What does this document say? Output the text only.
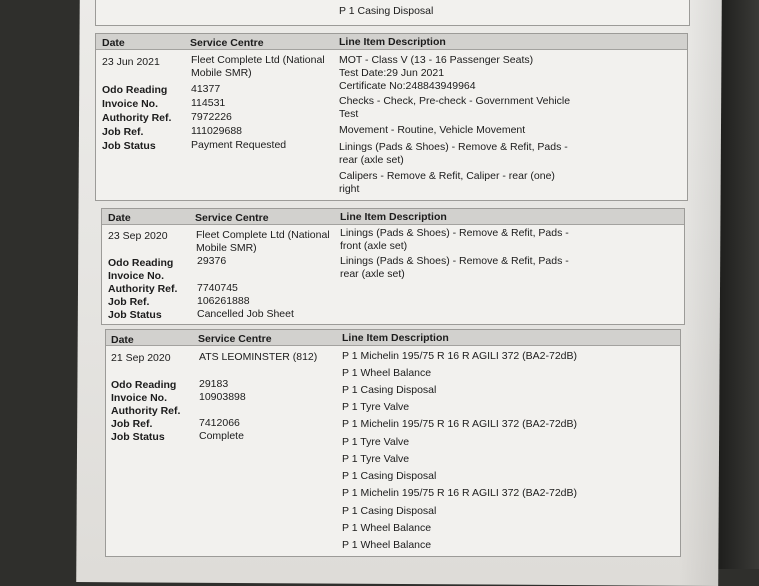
P 1 Casing Disposal
Date	Service Centre	Line Item Description
23 Jun 2021	Fleet Complete Ltd (National Mobile SMR)
Odo Reading 41377
Invoice No.	114531
Authority Ref. 7972226
Job Ref.	111029688
Job Status	Payment Requested
MOT - Class V (13 - 16 Passenger Seats)
Test Date:29 Jun 2021
Certificate No:248843949964
Checks - Check, Pre-check - Government Vehicle Test
Movement - Routine, Vehicle Movement
Linings (Pads & Shoes) - Remove & Refit, Pads - rear (axle set)
Calipers - Remove & Refit, Caliper - rear (one) right
Date	Service Centre	Line Item Description
23 Sep 2020	Fleet Complete Ltd (National Mobile SMR)
Odo Reading 29376
Invoice No.
Authority Ref. 7740745
Job Ref.	106261888
Job Status	Cancelled Job Sheet
Linings (Pads & Shoes) - Remove & Refit, Pads - front (axle set)
Linings (Pads & Shoes) - Remove & Refit, Pads - rear (axle set)
Date	Service Centre	Line Item Description
21 Sep 2020	ATS LEOMINSTER (812)
Odo Reading 29183
Invoice No.	10903898
Authority Ref.
Job Ref.	7412066
Job Status	Complete
P 1 Michelin 195/75 R 16 R AGILI 372 (BA2-72dB)
P 1 Wheel Balance
P 1 Casing Disposal
P 1 Tyre Valve
P 1 Michelin 195/75 R 16 R AGILI 372 (BA2-72dB)
P 1 Tyre Valve
P 1 Tyre Valve
P 1 Casing Disposal
P 1 Michelin 195/75 R 16 R AGILI 372 (BA2-72dB)
P 1 Casing Disposal
P 1 Wheel Balance
P 1 Wheel Balance
